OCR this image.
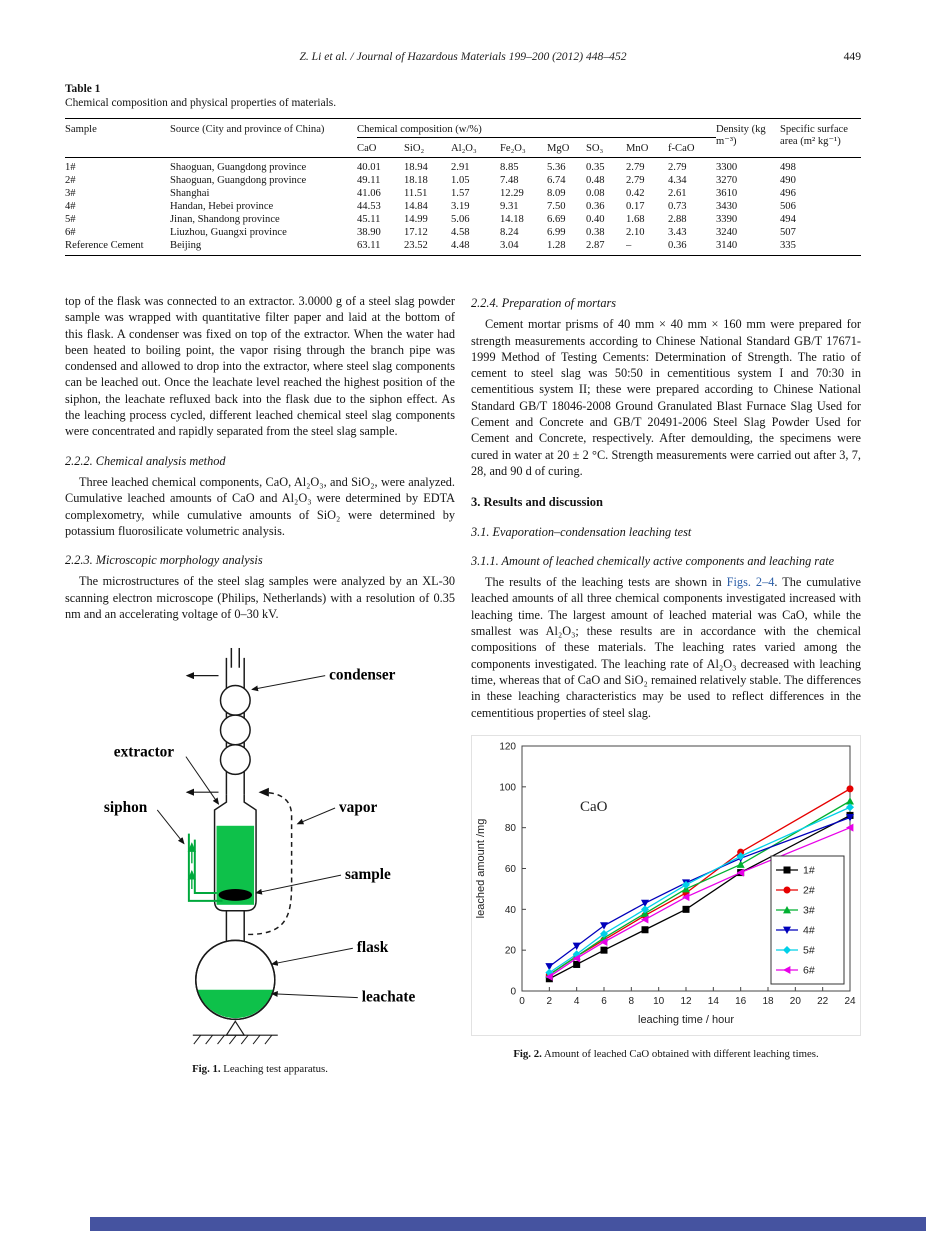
Z. Li et al. / Journal of Hazardous Materials 199–200 (2012) 448–452	449
Table 1
Chemical composition and physical properties of materials.
Sample	Source (City and province of China)	Chemical composition (w/%)								Density (kg m⁻³)	Specific surface area (m² kg⁻¹)
		CaO	SiO₂	Al₂O₃	Fe₂O₃	MgO	SO₃	MnO	f-CaO		
1#	Shaoguan, Guangdong province	40.01	18.94	2.91	8.85	5.36	0.35	2.79	2.79	3300	498
2#	Shaoguan, Guangdong province	49.11	18.18	1.05	7.48	6.74	0.48	2.79	4.34	3270	490
3#	Shanghai	41.06	11.51	1.57	12.29	8.09	0.08	0.42	2.61	3610	496
4#	Handan, Hebei province	44.53	14.84	3.19	9.31	7.50	0.36	0.17	0.73	3430	506
5#	Jinan, Shandong province	45.11	14.99	5.06	14.18	6.69	0.40	1.68	2.88	3390	494
6#	Liuzhou, Guangxi province	38.90	17.12	4.58	8.24	6.99	0.38	2.10	3.43	3240	507
Reference Cement	Beijing	63.11	23.52	4.48	3.04	1.28	2.87	–	0.36	3140	335

top of the flask was connected to an extractor. 3.0000 g of a steel slag powder sample was wrapped with quantitative filter paper and laid at the bottom of this flask. A condenser was fixed on top of the extractor. When the water had been heated to boiling point, the vapor rising through the branch pipe was condensed and allowed to drop into the extractor, where steel slag components can be leached out. Once the leachate level reached the highest position of the siphon, the leachate refluxed back into the flask due to the siphon effect. As the leaching process cycled, different leached chemical steel slag components were concentrated and rapidly separated from the steel slag sample.

2.2.2. Chemical analysis method

Three leached chemical components, CaO, Al₂O₃, and SiO₂, were analyzed. Cumulative leached amounts of CaO and Al₂O₃ were determined by EDTA complexometry, while cumulative amounts of SiO₂ were determined by potassium fluorosilicate volumetric analysis.

2.2.3. Microscopic morphology analysis

The microstructures of the steel slag samples were analyzed by an XL-30 scanning electron microscope (Philips, Netherlands) with a resolution of 0.35 nm and an accelerating voltage of 0–30 kV.

condenser
extractor
siphon	vapor
sample
flask
leachate
Fig. 1. Leaching test apparatus.
2.2.4. Preparation of mortars

Cement mortar prisms of 40 mm × 40 mm × 160 mm were prepared for strength measurements according to Chinese National Standard GB/T 17671-1999 Method of Testing Cements: Determination of Strength. The ratio of cement to steel slag was 50:50 in cementitious system I and 70:30 in cementitious system II; these were prepared according to Chinese National Standard GB/T 18046-2008 Ground Granulated Blast Furnace Slag Used for Cement and Concrete and GB/T 20491-2006 Steel Slag Powder Used for Cement and Concrete, respectively. After demoulding, the specimens were cured in water at 20 ± 2 °C. Strength measurements were carried out after 3, 7, 28, and 90 d of curing.

3. Results and discussion
3.1. Evaporation–condensation leaching test
3.1.1. Amount of leached chemically active components and leaching rate

The results of the leaching tests are shown in Figs. 2–4. The cumulative leached amounts of all three chemical components investigated increased with leaching time. The largest amount of leached material was CaO, while the smallest was Al₂O₃; these results are in accordance with the chemical compositions of these materials. The leaching rates varied among the components investigated. The leaching rate of Al₂O₃ decreased with leaching time, whereas that of CaO and SiO₂ remained relatively stable. The differences in these leaching characteristics may be used to reflect differences in the cementitious properties of steel slag.

0 2 4 6 8 10 12 14 16 18 20 22 24
0
20
40
60
80
100
120
CaO
leaching time / hour
leached amount /mg	1#
2#
3#
4#
5#
6#
Fig. 2. Amount of leached CaO obtained with different leaching times.
